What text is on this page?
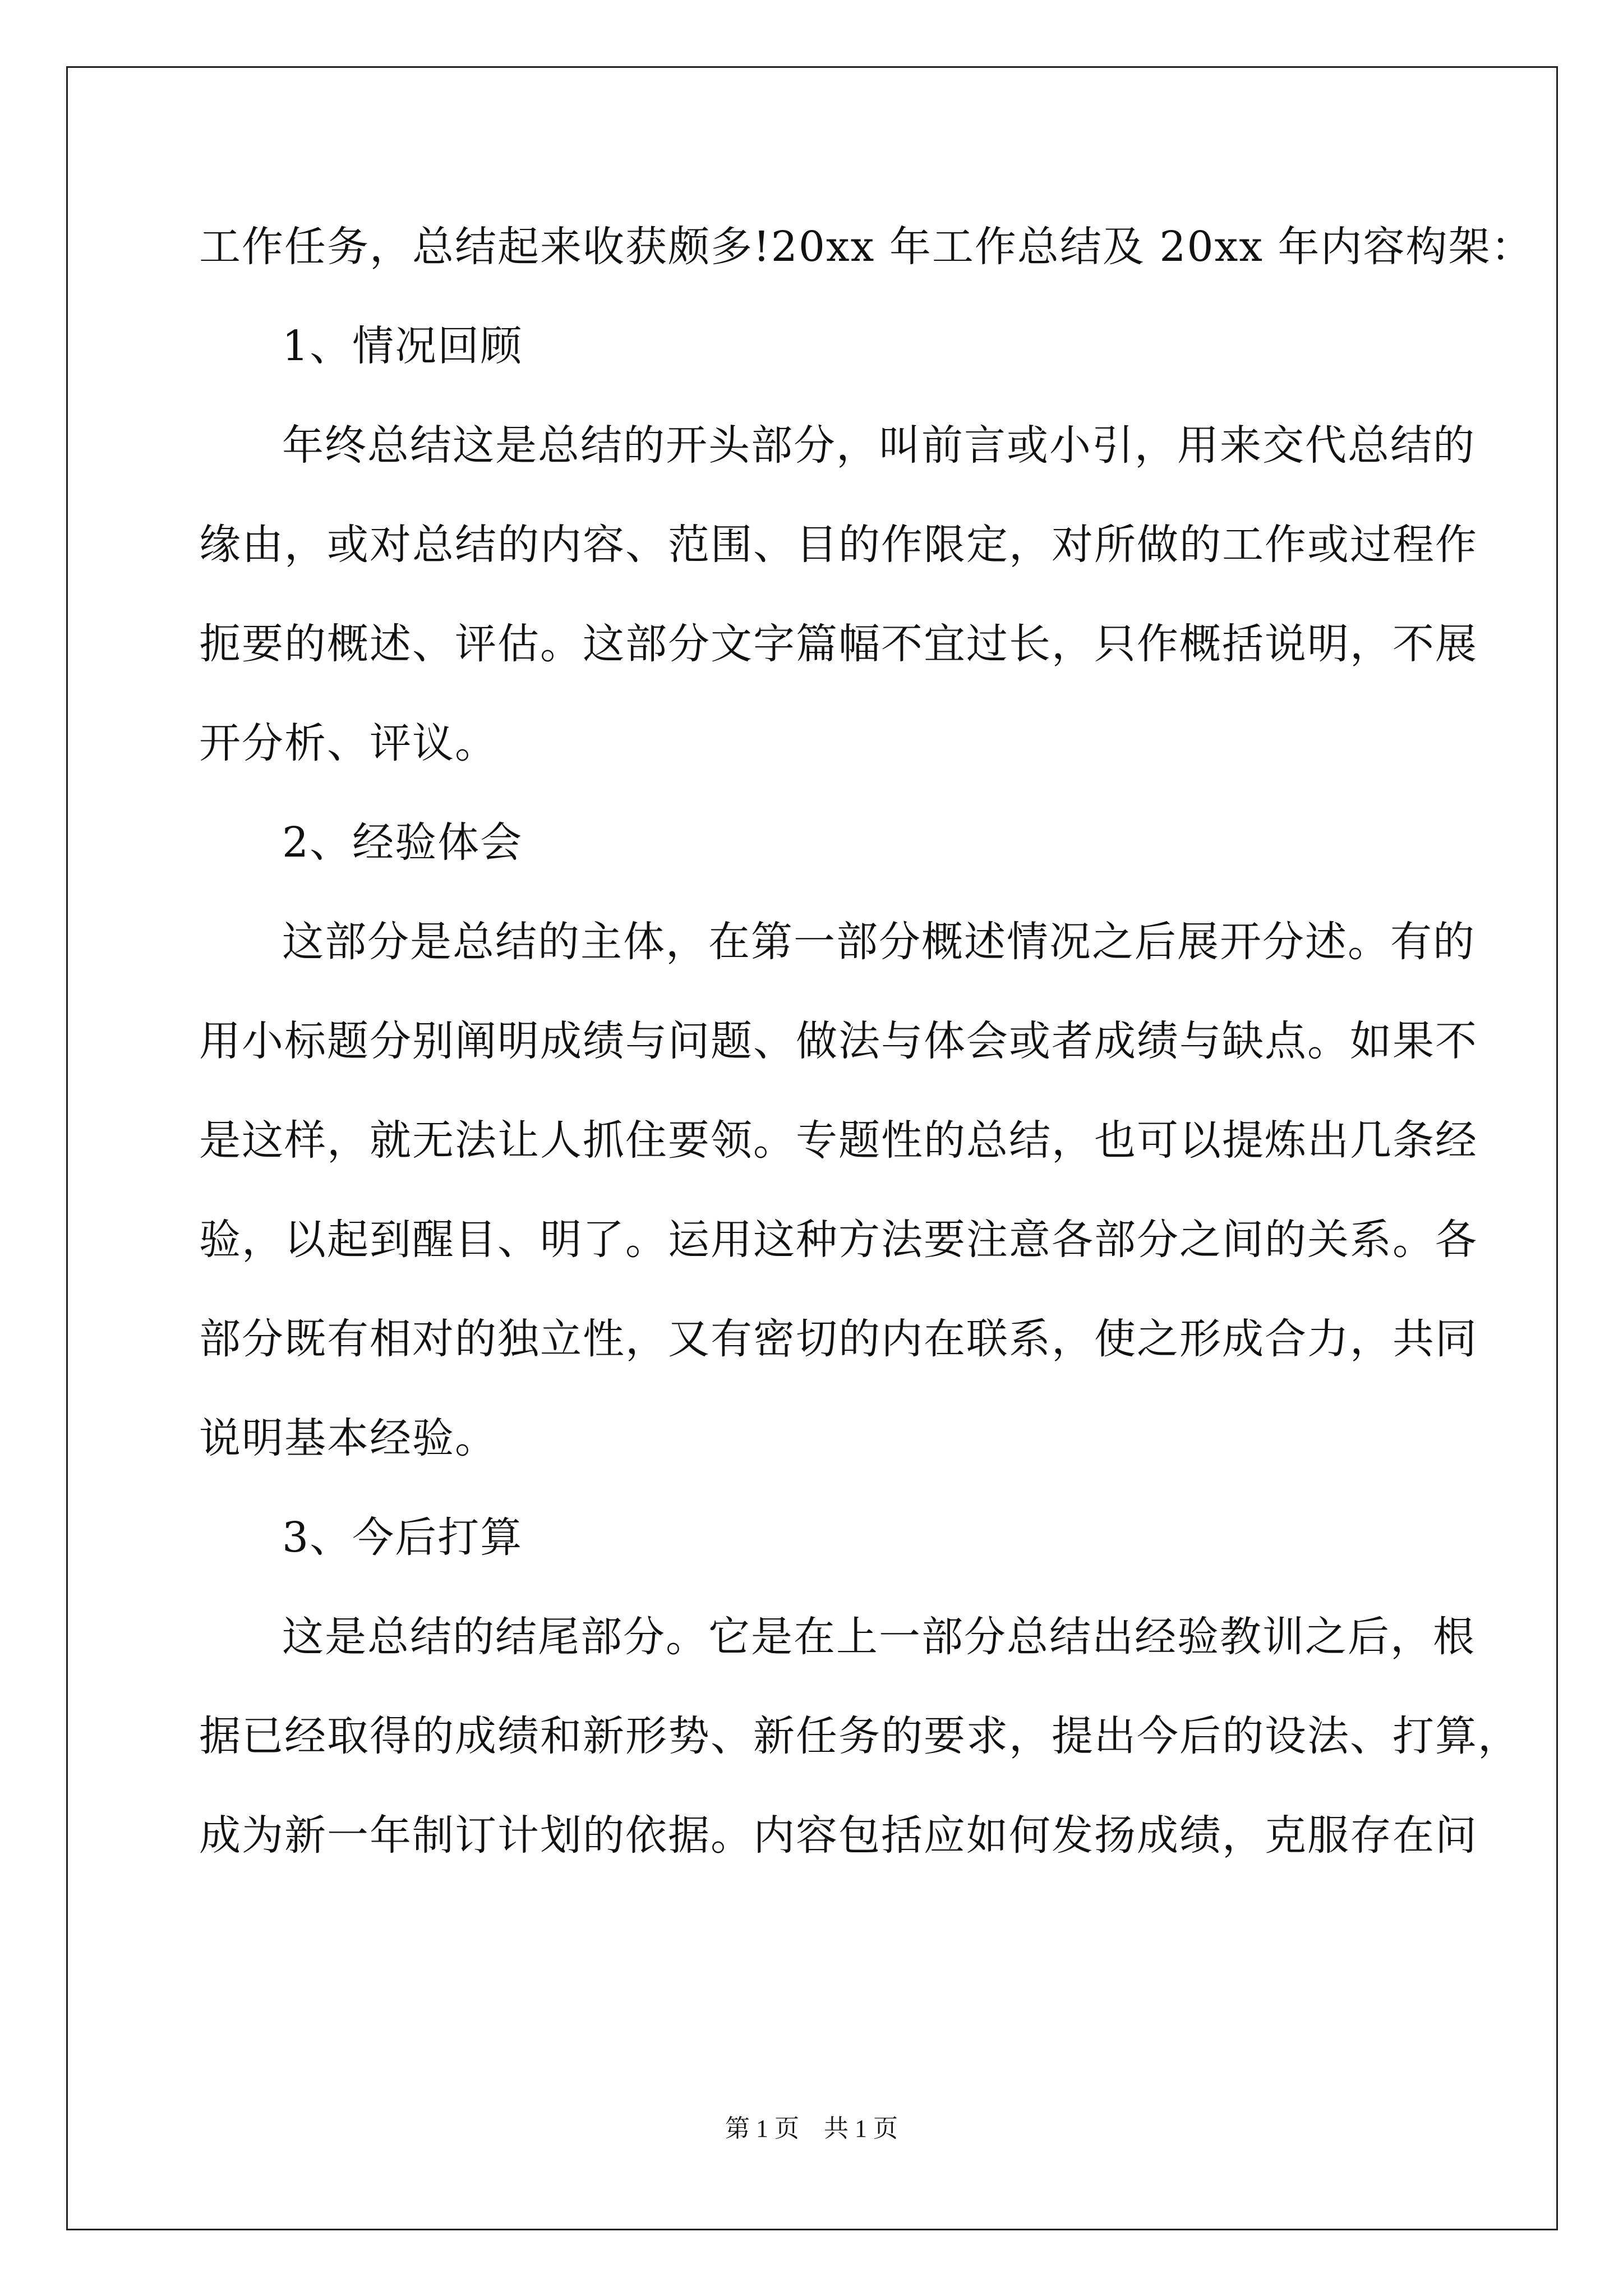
工作任务，总结起来收获颇多!20xx 年工作总结及 20xx 年内容构架：
1、情况回顾
年终总结这是总结的开头部分，叫前言或小引，用来交代总结的
缘由，或对总结的内容、范围、目的作限定，对所做的工作或过程作
扼要的概述、评估。这部分文字篇幅不宜过长，只作概括说明，不展
开分析、评议。
2、经验体会
这部分是总结的主体，在第一部分概述情况之后展开分述。有的
用小标题分别阐明成绩与问题、做法与体会或者成绩与缺点。如果不
是这样，就无法让人抓住要领。专题性的总结，也可以提炼出几条经
验，以起到醒目、明了。运用这种方法要注意各部分之间的关系。各
部分既有相对的独立性，又有密切的内在联系，使之形成合力，共同
说明基本经验。
3、今后打算
这是总结的结尾部分。它是在上一部分总结出经验教训之后，根
据已经取得的成绩和新形势、新任务的要求，提出今后的设法、打算，
成为新一年制订计划的依据。内容包括应如何发扬成绩，克服存在问
第 1 页　共 1 页
